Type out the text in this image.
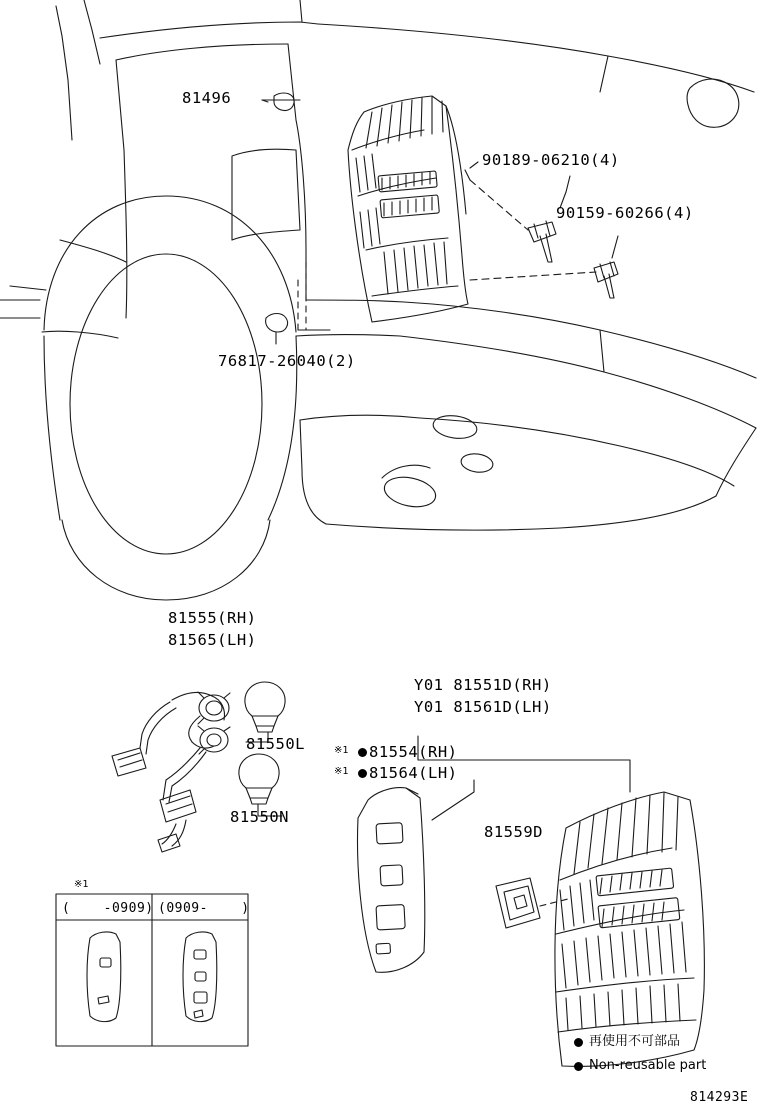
81496
90189-06210(4)
90159-60266(4)
76817-26040(2)
81555(RH)
81565(LH)
81550L
81550N
Y01 81551D(RH)
Y01 81561D(LH)
※1 81554(RH)
※1 81564(LH)
81559D
※1
(    -0909) (0909-    )
再使用不可部品
Non-reusable part
814293E
